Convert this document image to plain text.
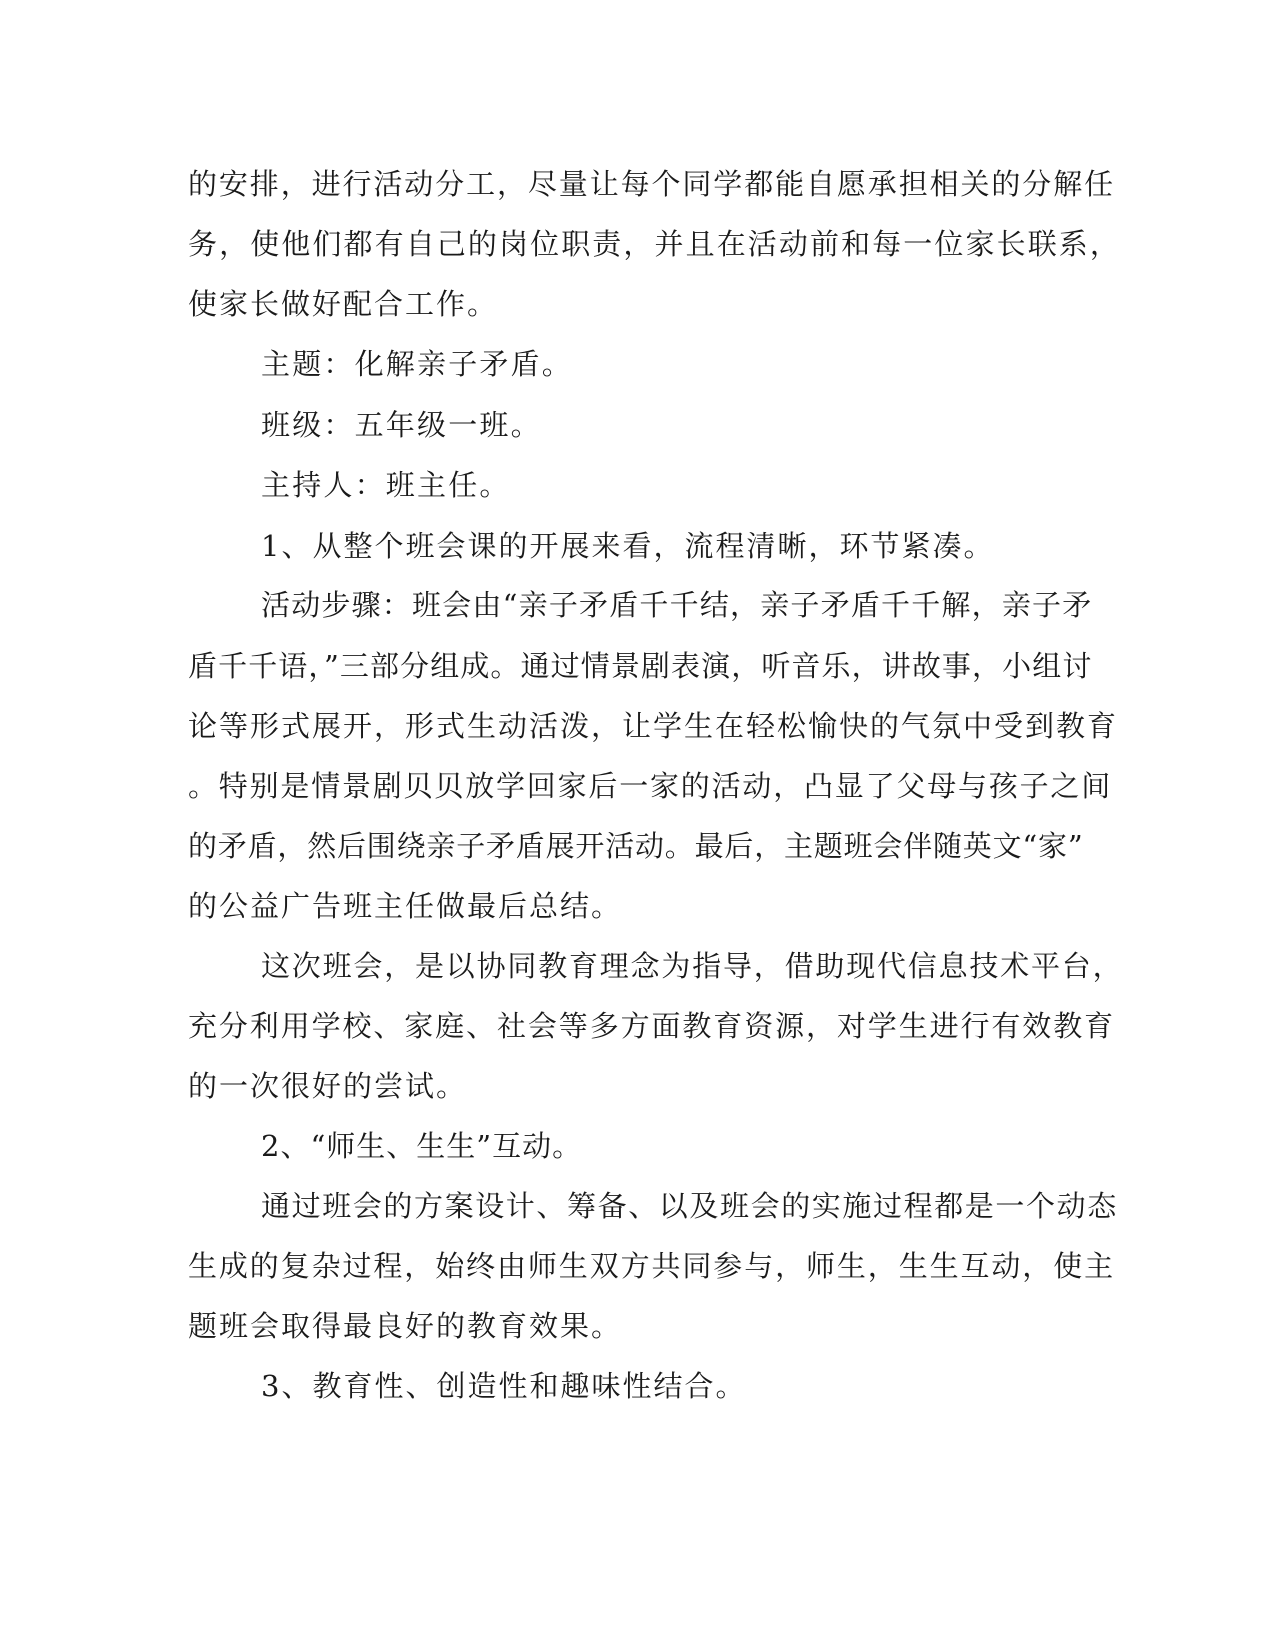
的安排，进行活动分工，尽量让每个同学都能自愿承担相关的分解任
务，使他们都有自己的岗位职责，并且在活动前和每一位家长联系，
使家长做好配合工作。
主题：化解亲子矛盾。
班级：五年级一班。
主持人：班主任。
1、从整个班会课的开展来看，流程清晰，环节紧凑。
活动步骤：班会由“亲子矛盾千千结，亲子矛盾千千解，亲子矛
盾千千语，”三部分组成。通过情景剧表演，听音乐，讲故事，小组讨
论等形式展开，形式生动活泼，让学生在轻松愉快的气氛中受到教育
。特别是情景剧贝贝放学回家后一家的活动，凸显了父母与孩子之间
的矛盾，然后围绕亲子矛盾展开活动。最后，主题班会伴随英文“家”
的公益广告班主任做最后总结。
这次班会，是以协同教育理念为指导，借助现代信息技术平台，
充分利用学校、家庭、社会等多方面教育资源，对学生进行有效教育
的一次很好的尝试。
2、“师生、生生”互动。
通过班会的方案设计、筹备、以及班会的实施过程都是一个动态
生成的复杂过程，始终由师生双方共同参与，师生，生生互动，使主
题班会取得最良好的教育效果。
3、教育性、创造性和趣味性结合。
